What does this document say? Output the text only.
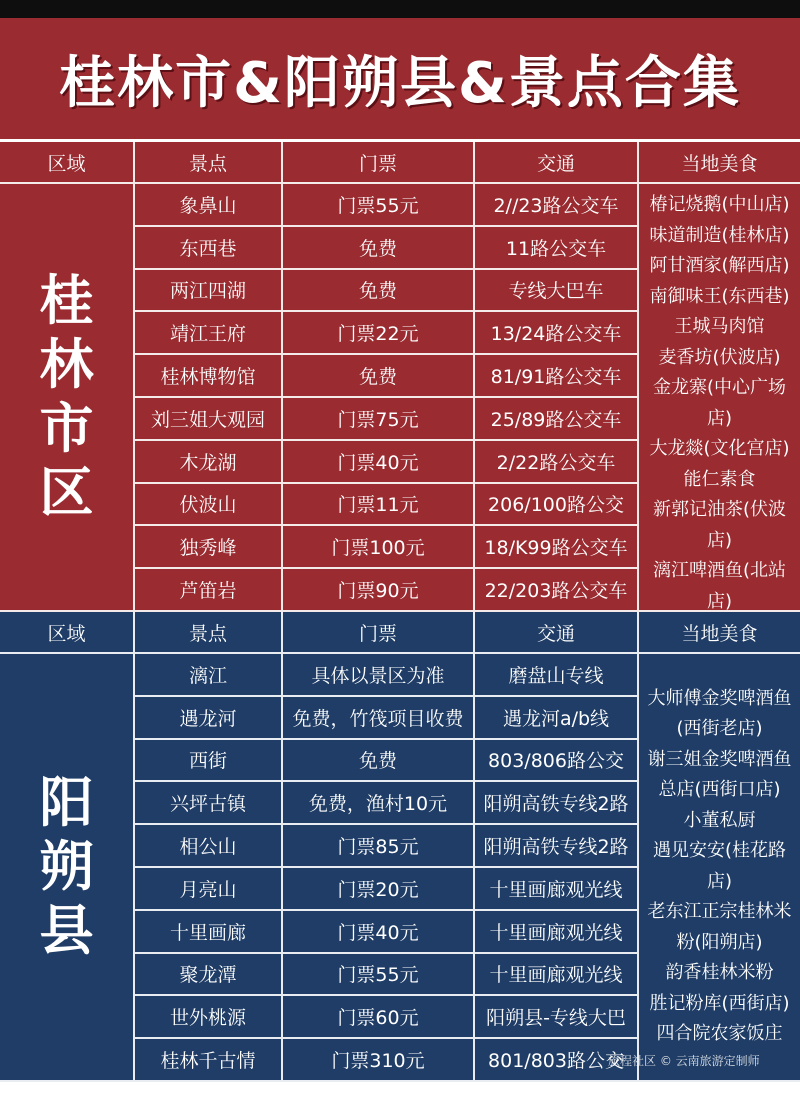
桂林市&阳朔县&景点合集
区域	景点	门票	交通	当地美食
桂
林
市
区
象鼻山	门票55元	2//23路公交车
东西巷	免费	11路公交车
两江四湖	免费	专线大巴车
靖江王府	门票22元	13/24路公交车
桂林博物馆	免费	81/91路公交车
刘三姐大观园	门票75元	25/89路公交车
木龙湖	门票40元	2/22路公交车
伏波山	门票11元	206/100路公交
独秀峰	门票100元	18/K99路公交车
芦笛岩	门票90元	22/203路公交车
椿记烧鹅(中山店)
味道制造(桂林店)
阿甘酒家(解西店)
南御味王(东西巷)
王城马肉馆
麦香坊(伏波店)
金龙寨(中心广场
店)
大龙燚(文化宫店)
能仁素食
新郭记油茶(伏波
店)
漓江啤酒鱼(北站
店)
区域	景点	门票	交通	当地美食
阳
朔
县
漓江	具体以景区为准	磨盘山专线
遇龙河	免费，竹筏项目收费	遇龙河a/b线
西街	免费	803/806路公交
兴坪古镇	免费，渔村10元	阳朔高铁专线2路
相公山	门票85元	阳朔高铁专线2路
月亮山	门票20元	十里画廊观光线
十里画廊	门票40元	十里画廊观光线
聚龙潭	门票55元	十里画廊观光线
世外桃源	门票60元	阳朔县-专线大巴
桂林千古情	门票310元	801/803路公交
大师傅金奖啤酒鱼
(西街老店)
谢三姐金奖啤酒鱼
总店(西街口店)
小董私厨
遇见安安(桂花路
店)
老东江正宗桂林米
粉(阳朔店)
韵香桂林米粉
胜记粉库(西街店)
四合院农家饭庄
旅程社区 © 云南旅游定制师
